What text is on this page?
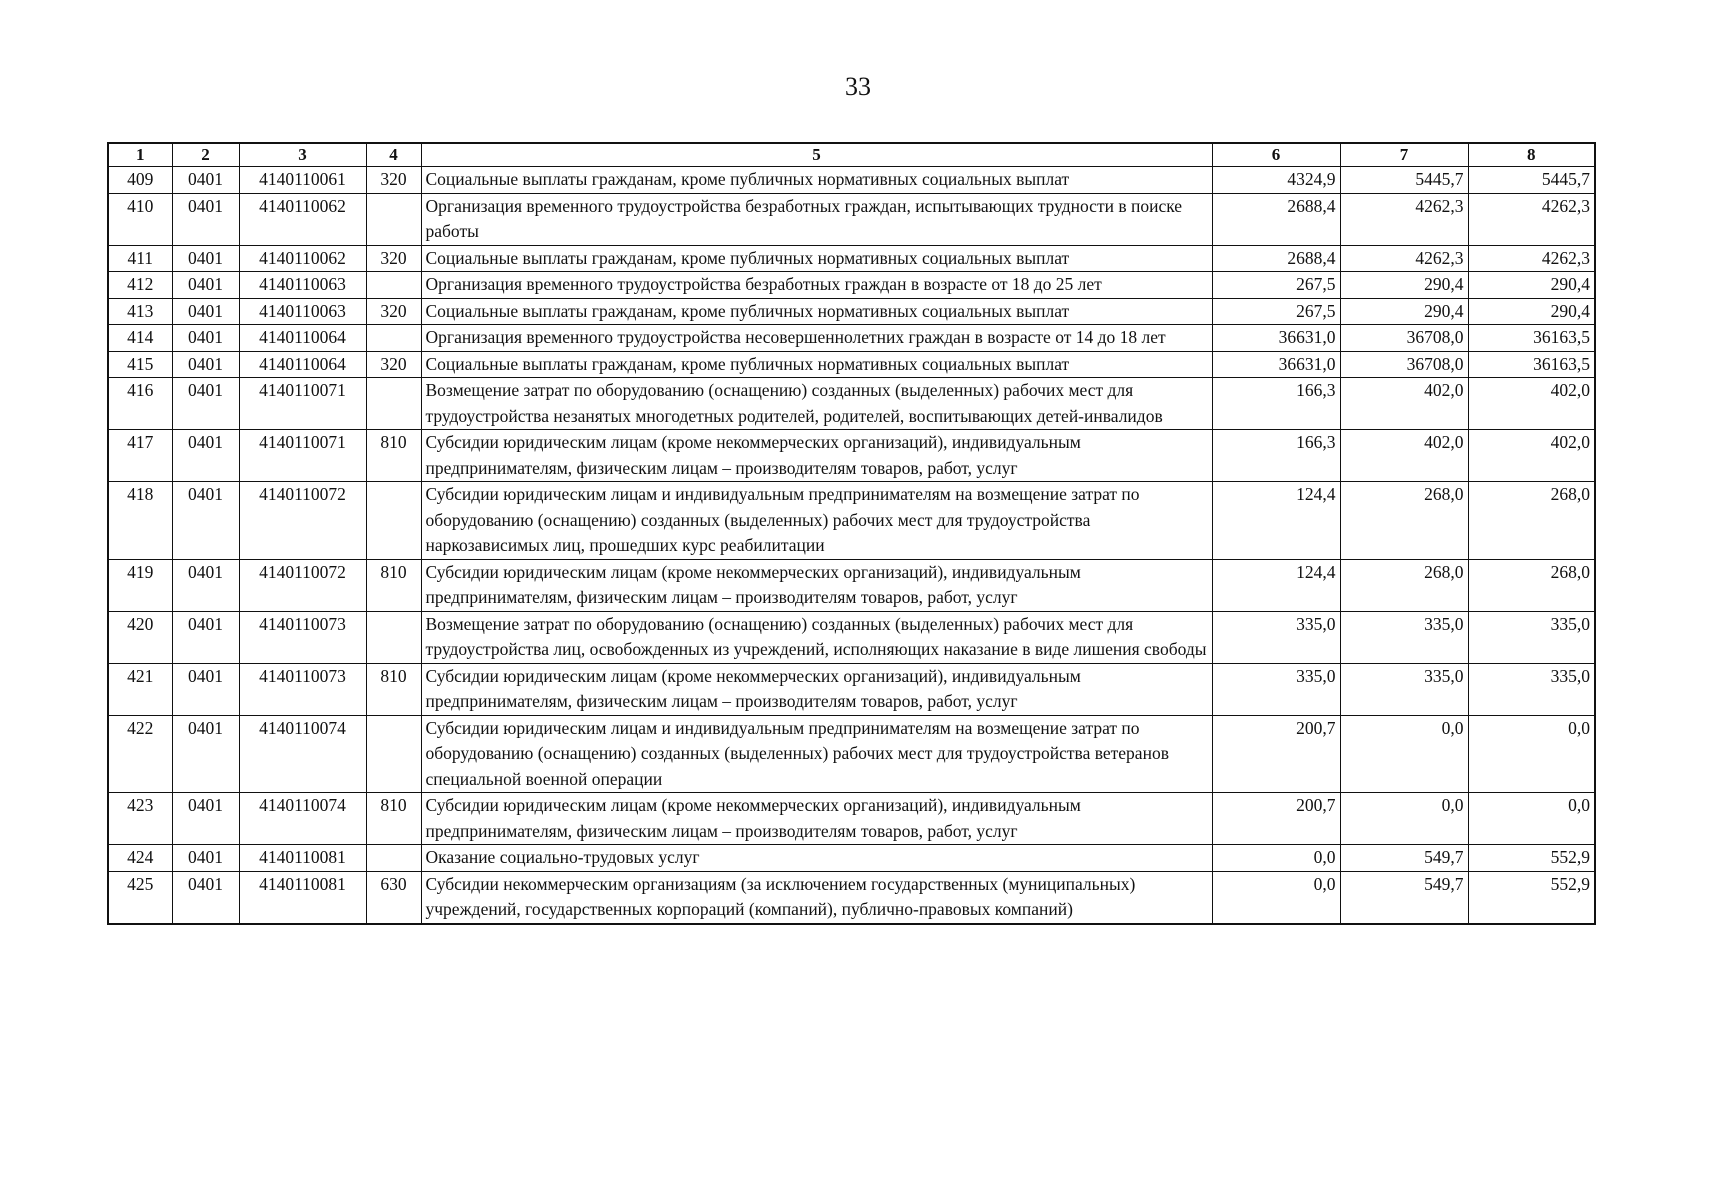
33
1	2	3	4	5	6	7	8
409	0401	4140110061	320	Социальные выплаты гражданам, кроме публичных нормативных социальных выплат	4324,9	5445,7	5445,7
410	0401	4140110062		Организация временного трудоустройства безработных граждан, испытывающих трудности в поиске работы	2688,4	4262,3	4262,3
411	0401	4140110062	320	Социальные выплаты гражданам, кроме публичных нормативных социальных выплат	2688,4	4262,3	4262,3
412	0401	4140110063		Организация временного трудоустройства безработных граждан в возрасте от 18 до 25 лет	267,5	290,4	290,4
413	0401	4140110063	320	Социальные выплаты гражданам, кроме публичных нормативных социальных выплат	267,5	290,4	290,4
414	0401	4140110064		Организация временного трудоустройства несовершеннолетних граждан в возрасте от 14 до 18 лет	36631,0	36708,0	36163,5
415	0401	4140110064	320	Социальные выплаты гражданам, кроме публичных нормативных социальных выплат	36631,0	36708,0	36163,5
416	0401	4140110071		Возмещение затрат по оборудованию (оснащению) созданных (выделенных) рабочих мест для трудоустройства незанятых многодетных родителей, родителей, воспитывающих детей-инвалидов	166,3	402,0	402,0
417	0401	4140110071	810	Субсидии юридическим лицам (кроме некоммерческих организаций), индивидуальным предпринимателям, физическим лицам – производителям товаров, работ, услуг	166,3	402,0	402,0
418	0401	4140110072		Субсидии юридическим лицам и индивидуальным предпринимателям на возмещение затрат по оборудованию (оснащению) созданных (выделенных) рабочих мест для трудоустройства наркозависимых лиц, прошедших курс реабилитации	124,4	268,0	268,0
419	0401	4140110072	810	Субсидии юридическим лицам (кроме некоммерческих организаций), индивидуальным предпринимателям, физическим лицам – производителям товаров, работ, услуг	124,4	268,0	268,0
420	0401	4140110073		Возмещение затрат по оборудованию (оснащению) созданных (выделенных) рабочих мест для трудоустройства лиц, освобожденных из учреждений, исполняющих наказание в виде лишения свободы	335,0	335,0	335,0
421	0401	4140110073	810	Субсидии юридическим лицам (кроме некоммерческих организаций), индивидуальным предпринимателям, физическим лицам – производителям товаров, работ, услуг	335,0	335,0	335,0
422	0401	4140110074		Субсидии юридическим лицам и индивидуальным предпринимателям на возмещение затрат по оборудованию (оснащению) созданных (выделенных) рабочих мест для трудоустройства ветеранов специальной военной операции	200,7	0,0	0,0
423	0401	4140110074	810	Субсидии юридическим лицам (кроме некоммерческих организаций), индивидуальным предпринимателям, физическим лицам – производителям товаров, работ, услуг	200,7	0,0	0,0
424	0401	4140110081		Оказание социально-трудовых услуг	0,0	549,7	552,9
425	0401	4140110081	630	Субсидии некоммерческим организациям (за исключением государственных (муниципальных) учреждений, государственных корпораций (компаний), публично-правовых компаний)	0,0	549,7	552,9
